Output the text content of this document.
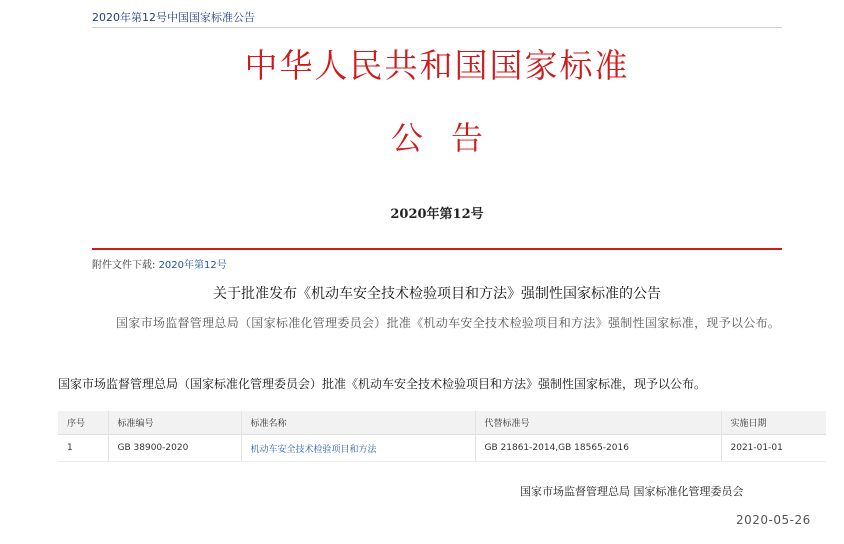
2020年第12号中国国家标准公告
中华人民共和国国家标准
公告
2020年第12号
附件文件下载: 2020年第12号
关于批准发布《机动车安全技术检验项目和方法》强制性国家标准的公告
国家市场监督管理总局（国家标准化管理委员会）批准《机动车安全技术检验项目和方法》强制性国家标准，现予以公布。
国家市场监督管理总局（国家标准化管理委员会）批准《机动车安全技术检验项目和方法》强制性国家标准，现予以公布。
序号	标准编号	标准名称	代替标准号	实施日期
1	GB 38900-2020	机动车安全技术检验项目和方法	GB 21861-2014,GB 18565-2016	2021-01-01
国家市场监督管理总局 国家标准化管理委员会
2020-05-26
